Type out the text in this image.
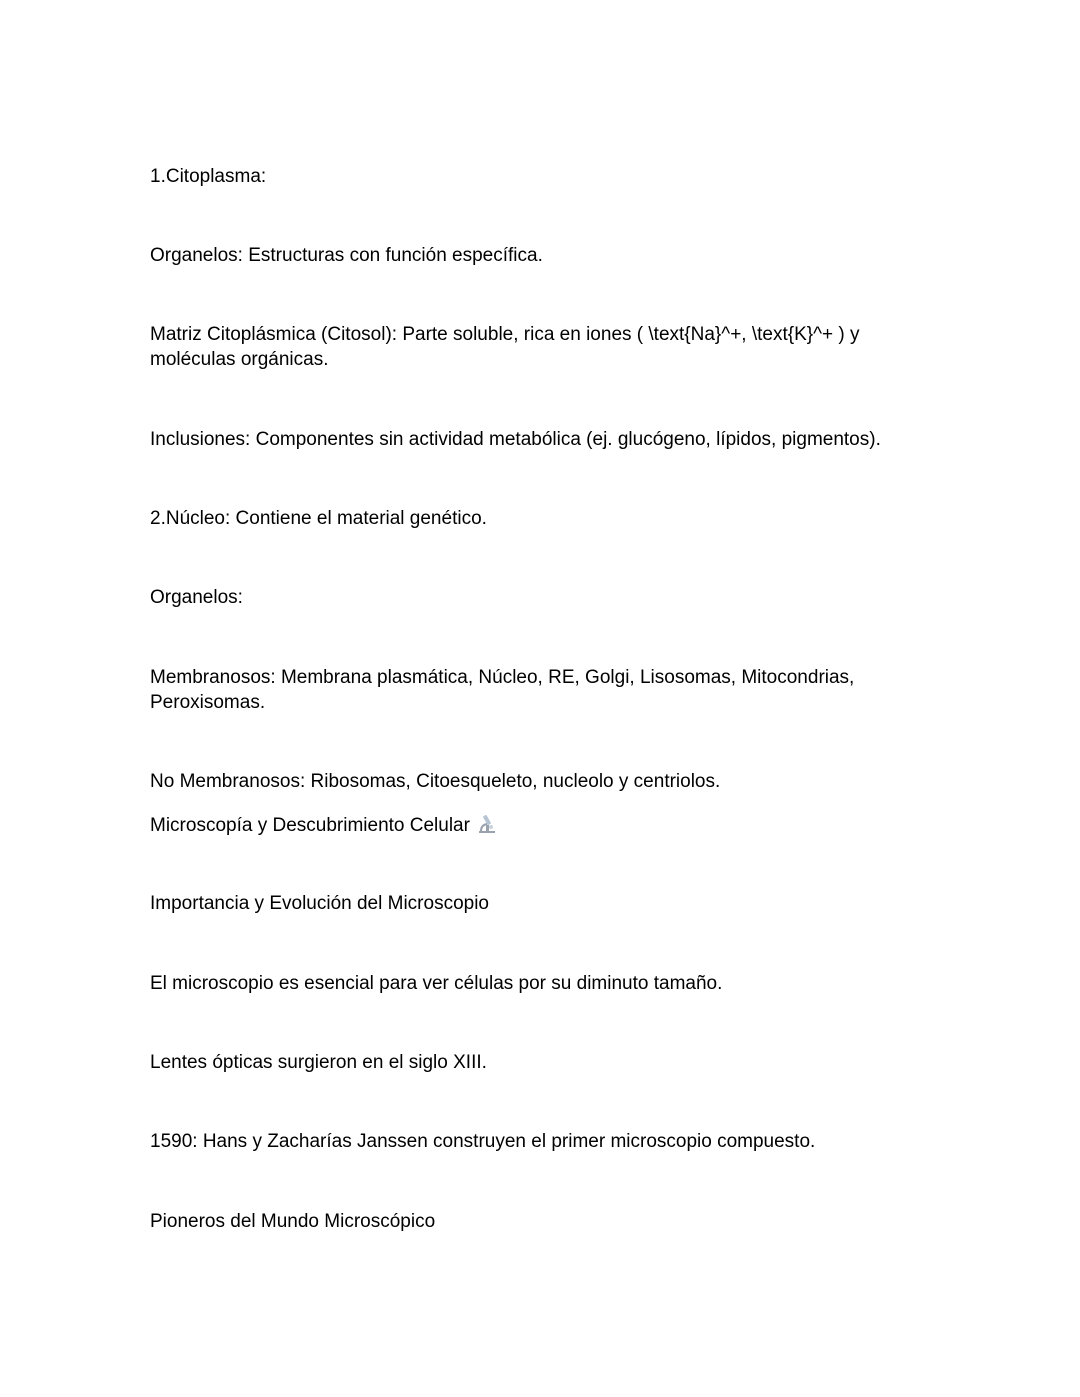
1.Citoplasma:

Organelos: Estructuras con función específica.

Matriz Citoplásmica (Citosol): Parte soluble, rica en iones ( \text{Na}^+, \text{K}^+ ) y moléculas orgánicas.

Inclusiones: Componentes sin actividad metabólica (ej. glucógeno, lípidos, pigmentos).

2.Núcleo: Contiene el material genético.

Organelos:

Membranosos: Membrana plasmática, Núcleo, RE, Golgi, Lisosomas, Mitocondrias, Peroxisomas.

No Membranosos: Ribosomas, Citoesqueleto, nucleolo y centriolos.

Microscopía y Descubrimiento Celular

Importancia y Evolución del Microscopio

El microscopio es esencial para ver células por su diminuto tamaño.

Lentes ópticas surgieron en el siglo XIII.

1590: Hans y Zacharías Janssen construyen el primer microscopio compuesto.

Pioneros del Mundo Microscópico
